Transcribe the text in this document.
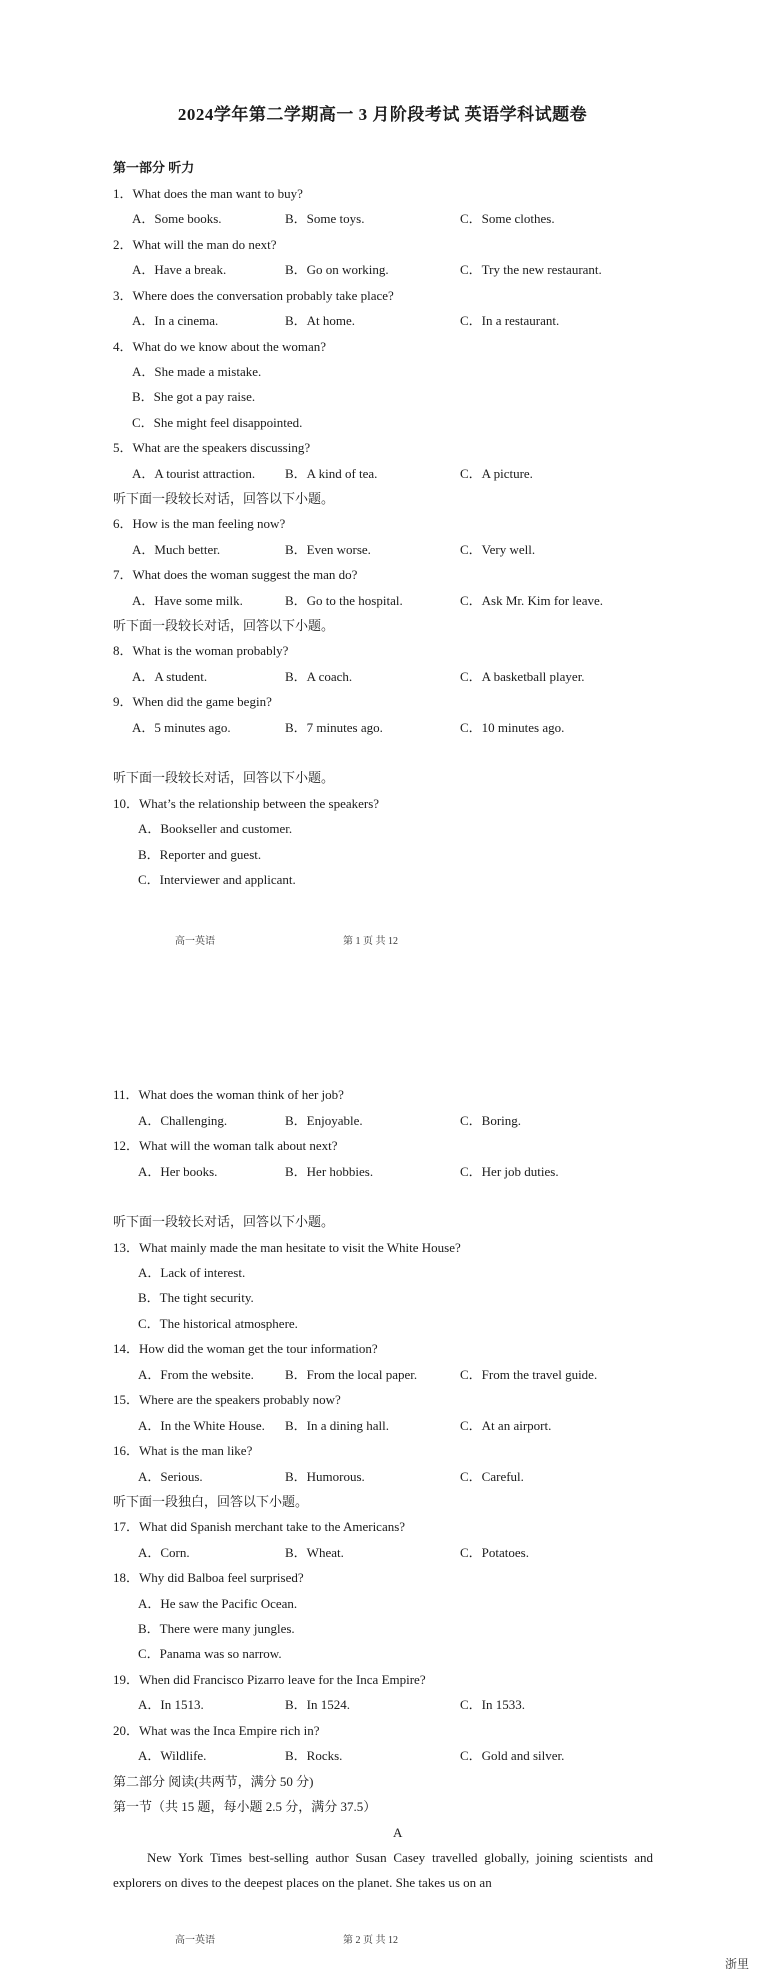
2024学年第二学期高一 3 月阶段考试 英语学科试题卷
第一部分 听力
1．What does the man want to buy?
A．Some books.	B．Some toys.	C．Some clothes.
2．What will the man do next?
A．Have a break.	B．Go on working.	C．Try the new restaurant.
3．Where does the conversation probably take place?
A．In a cinema.	B．At home.	C．In a restaurant.
4．What do we know about the woman?
A．She made a mistake.
B．She got a pay raise.
C．She might feel disappointed.
5．What are the speakers discussing?
A．A tourist attraction. B．A kind of tea.	C．A picture.
听下面一段较长对话，回答以下小题。
6．How is the man feeling now?
A．Much better.	B．Even worse.	C．Very well.
7．What does the woman suggest the man do?
A．Have some milk.	B．Go to the hospital.	C．Ask Mr. Kim for leave.
听下面一段较长对话，回答以下小题。
8．What is the woman probably?
A．A student.	B．A coach.	C．A basketball player.
9．When did the game begin?
A．5 minutes ago.	B．7 minutes ago.	C．10 minutes ago.
听下面一段较长对话，回答以下小题。
10．What’s the relationship between the speakers?
A．Bookseller and customer.
B．Reporter and guest.
C．Interviewer and applicant.
高一英语	第 1 页 共 12
11．What does the woman think of her job?
A．Challenging.	B．Enjoyable.	C．Boring.
12．What will the woman talk about next?
A．Her books.	B．Her hobbies.	C．Her job duties.
听下面一段较长对话，回答以下小题。
13．What mainly made the man hesitate to visit the White House?
A．Lack of interest.
B．The tight security.
C．The historical atmosphere.
14．How did the woman get the tour information?
A．From the website. B．From the local paper.	C．From the travel guide.
15．Where are the speakers probably now?
A．In the White House. B．In a dining hall.	C．At an airport.
16．What is the man like?
A．Serious.	B．Humorous.	C．Careful.
听下面一段独白，回答以下小题。
17．What did Spanish merchant take to the Americans?
A．Corn.	B．Wheat.	C．Potatoes.
18．Why did Balboa feel surprised?
A．He saw the Pacific Ocean.
B．There were many jungles.
C．Panama was so narrow.
19．When did Francisco Pizarro leave for the Inca Empire?
A．In 1513.	B．In 1524.	C．In 1533.
20．What was the Inca Empire rich in?
A．Wildlife.	B．Rocks.	C．Gold and silver.
第二部分 阅读(共两节，满分 50 分)
第一节（共 15 题，每小题 2.5 分，满分 37.5）
A
New York Times best-selling author Susan Casey travelled globally, joining scientists and explorers on dives to the deepest places on the planet. She takes us on an
高一英语	第 2 页 共 12
浙里
